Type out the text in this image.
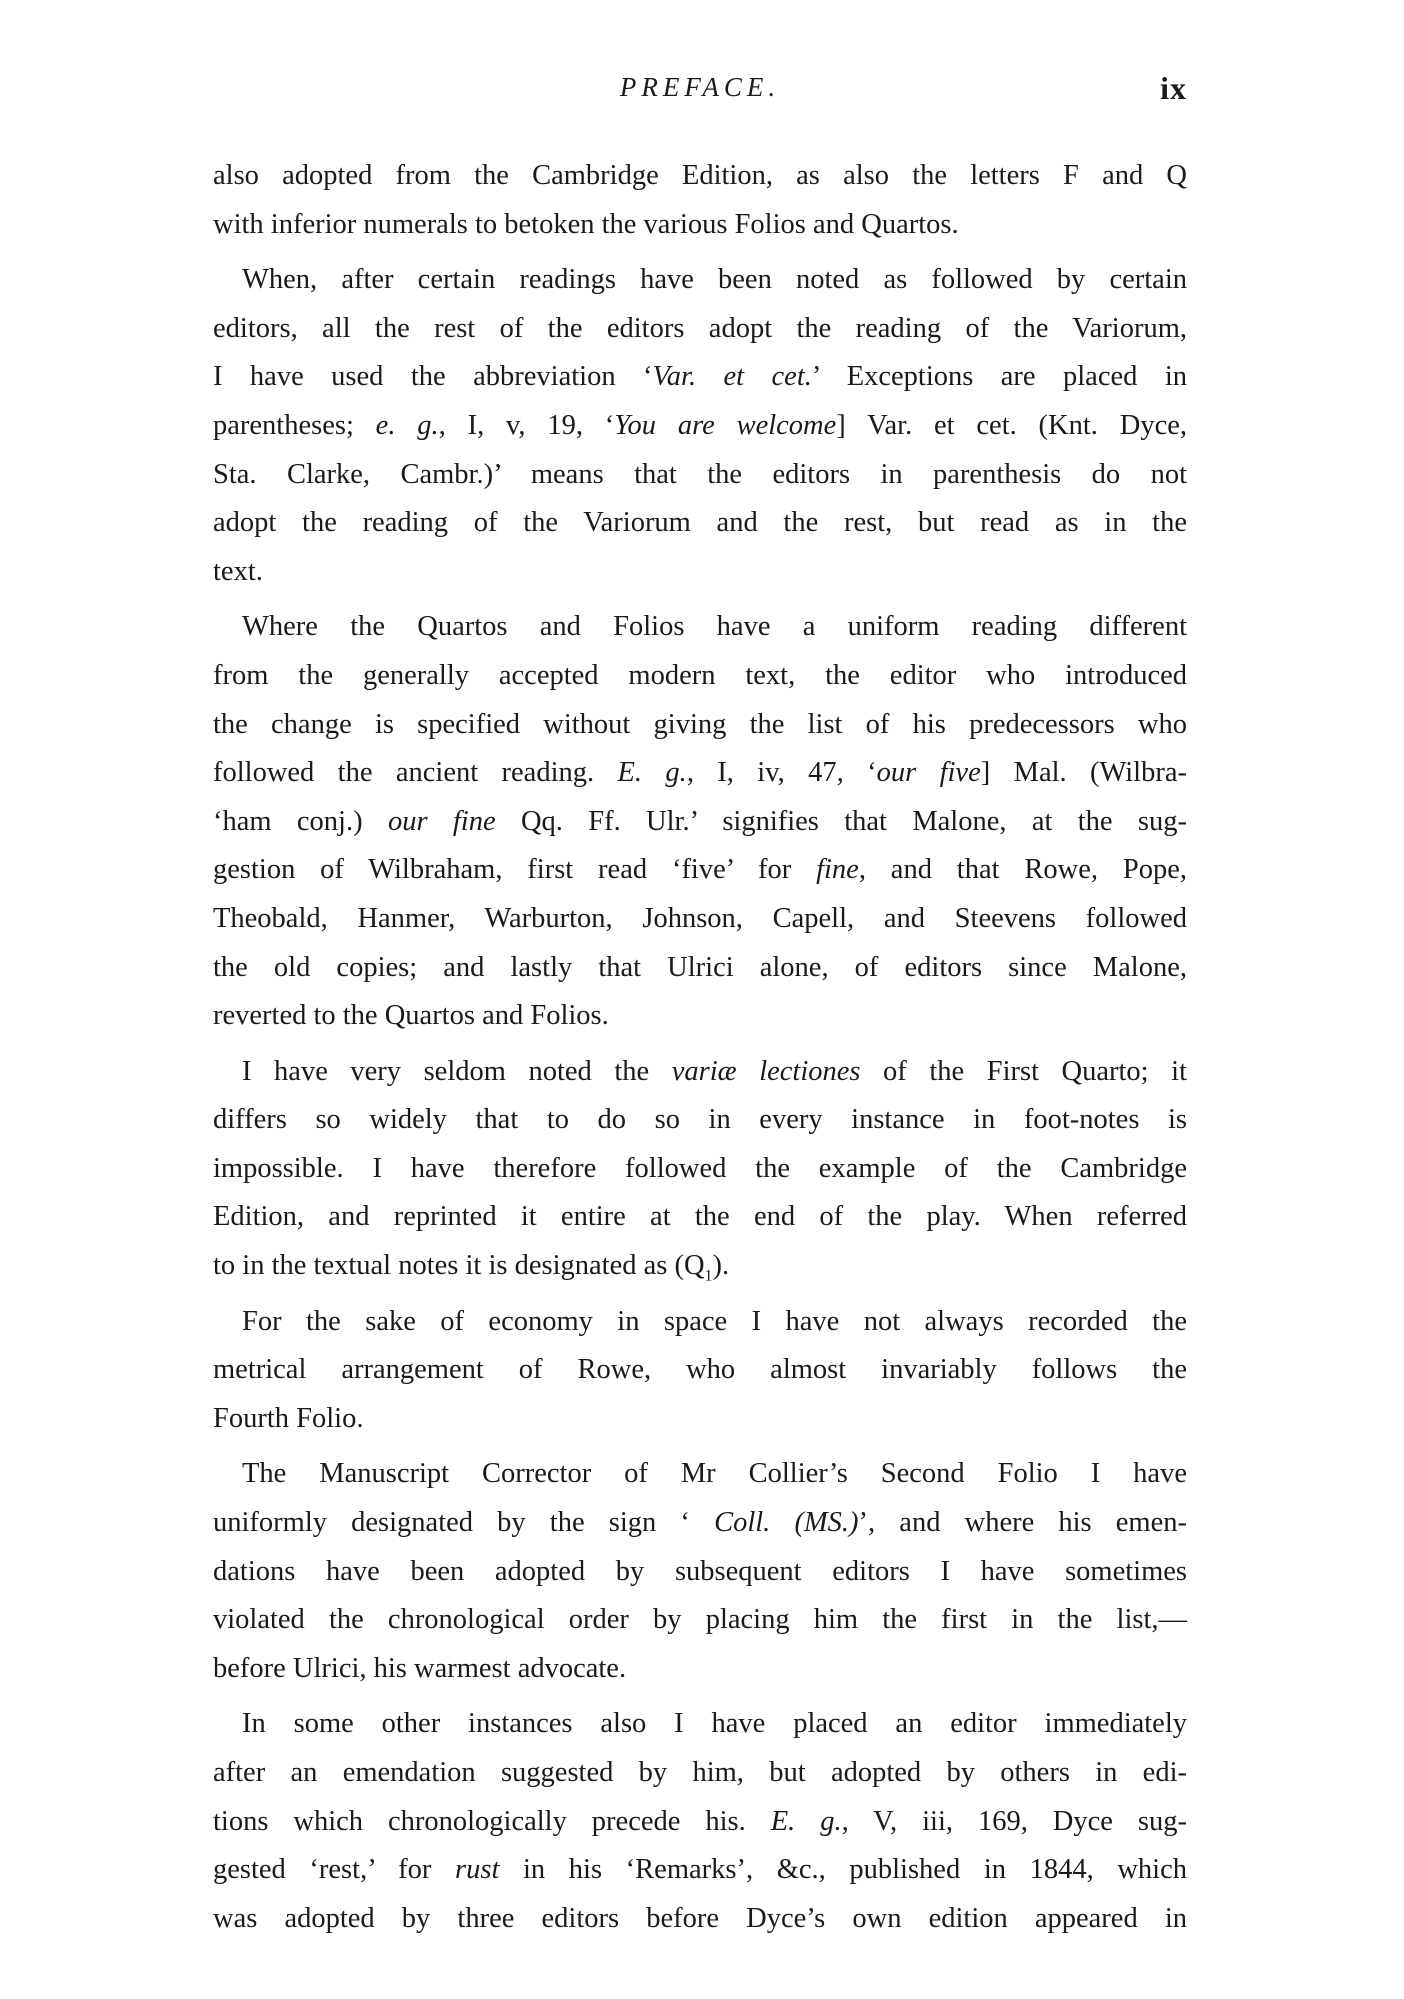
PREFACE.	ix

also adopted from the Cambridge Edition, as also the letters F and Q
with inferior numerals to betoken the various Folios and Quartos.

When, after certain readings have been noted as followed by certain
editors, all the rest of the editors adopt the reading of the Variorum,
I have used the abbreviation ‘Var. et cet.’ Exceptions are placed in
parentheses; e. g., I, v, 19, ‘You are welcome] Var. et cet. (Knt. Dyce,
Sta. Clarke, Cambr.)’ means that the editors in parenthesis do not
adopt the reading of the Variorum and the rest, but read as in the
text.

Where the Quartos and Folios have a uniform reading different
from the generally accepted modern text, the editor who introduced
the change is specified without giving the list of his predecessors who
followed the ancient reading. E. g., I, iv, 47, ‘our five] Mal. (Wilbra-
‘ham conj.) our fine Qq. Ff. Ulr.’ signifies that Malone, at the sug-
gestion of Wilbraham, first read ‘five’ for fine, and that Rowe, Pope,
Theobald, Hanmer, Warburton, Johnson, Capell, and Steevens followed
the old copies; and lastly that Ulrici alone, of editors since Malone,
reverted to the Quartos and Folios.

I have very seldom noted the variæ lectiones of the First Quarto; it
differs so widely that to do so in every instance in foot-notes is
impossible. I have therefore followed the example of the Cambridge
Edition, and reprinted it entire at the end of the play. When referred
to in the textual notes it is designated as $(Q_1)$.

For the sake of economy in space I have not always recorded the
metrical arrangement of Rowe, who almost invariably follows the
Fourth Folio.

The Manuscript Corrector of Mr Collier’s Second Folio I have
uniformly designated by the sign ‘ Coll. (MS.)’, and where his emen-
dations have been adopted by subsequent editors I have sometimes
violated the chronological order by placing him the first in the list,—
before Ulrici, his warmest advocate.

In some other instances also I have placed an editor immediately
after an emendation suggested by him, but adopted by others in edi-
tions which chronologically precede his. E. g., V, iii, 169, Dyce sug-
gested ‘rest,’ for rust in his ‘Remarks’, &c., published in 1844, which
was adopted by three editors before Dyce’s own edition appeared in
